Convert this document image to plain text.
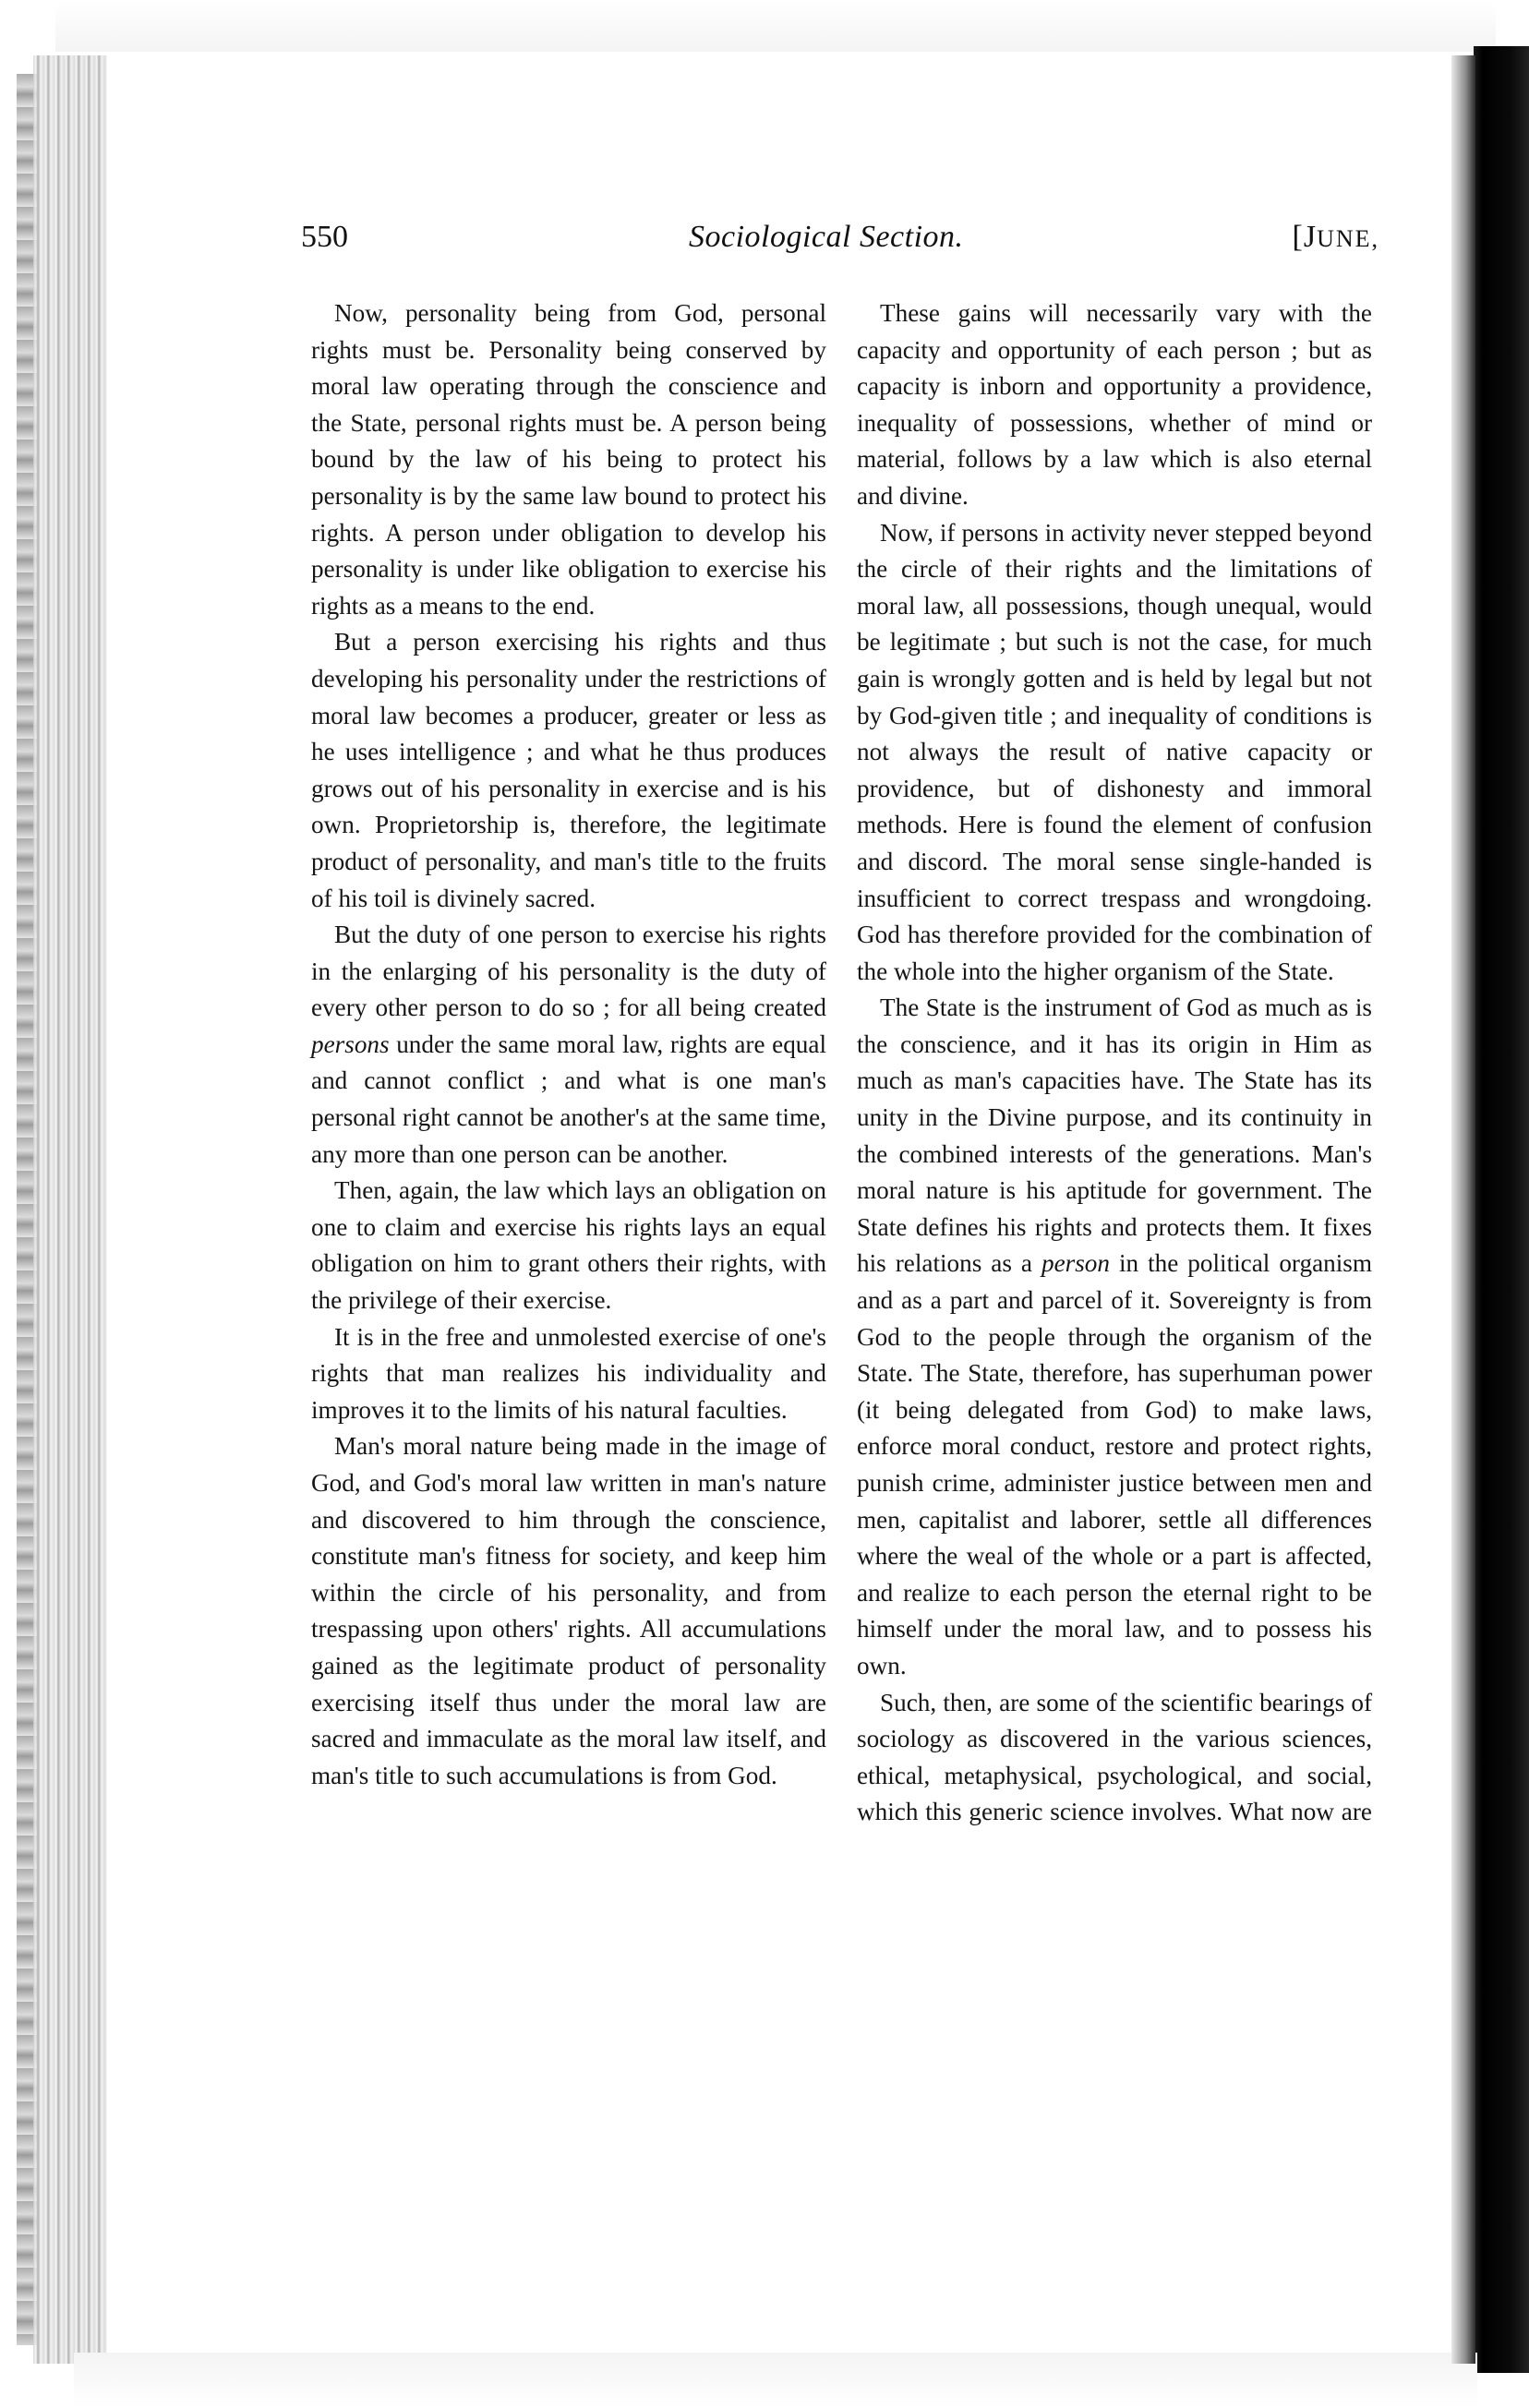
550	Sociological Section.	[JUNE,

Now, personality being from God, personal rights must be. Personality being conserved by moral law operating through the conscience and the State, personal rights must be. A person being bound by the law of his being to protect his personality is by the same law bound to protect his rights. A person under obligation to develop his personality is under like obligation to exercise his rights as a means to the end.

But a person exercising his rights and thus developing his personality under the restrictions of moral law becomes a producer, greater or less as he uses intelligence ; and what he thus produces grows out of his personality in exercise and is his own. Proprietorship is, therefore, the legitimate product of personality, and man's title to the fruits of his toil is divinely sacred.

But the duty of one person to exercise his rights in the enlarging of his personality is the duty of every other person to do so ; for all being created persons under the same moral law, rights are equal and cannot conflict ; and what is one man's personal right cannot be another's at the same time, any more than one person can be another.

Then, again, the law which lays an obligation on one to claim and exercise his rights lays an equal obligation on him to grant others their rights, with the privilege of their exercise.

It is in the free and unmolested exercise of one's rights that man realizes his individuality and improves it to the limits of his natural faculties.

Man's moral nature being made in the image of God, and God's moral law written in man's nature and discovered to him through the conscience, constitute man's fitness for society, and keep him within the circle of his personality, and from trespassing upon others' rights. All accumulations gained as the legitimate product of personality exercising itself thus under the moral law are sacred and immaculate as the moral law itself, and man's title to such accumulations is from God.

These gains will necessarily vary with the capacity and opportunity of each person ; but as capacity is inborn and opportunity a providence, inequality of possessions, whether of mind or material, follows by a law which is also eternal and divine.

Now, if persons in activity never stepped beyond the circle of their rights and the limitations of moral law, all possessions, though unequal, would be legitimate ; but such is not the case, for much gain is wrongly gotten and is held by legal but not by God-given title ; and inequality of conditions is not always the result of native capacity or providence, but of dishonesty and immoral methods. Here is found the element of confusion and discord. The moral sense single-handed is insufficient to correct trespass and wrongdoing. God has therefore provided for the combination of the whole into the higher organism of the State.

The State is the instrument of God as much as is the conscience, and it has its origin in Him as much as man's capacities have. The State has its unity in the Divine purpose, and its continuity in the combined interests of the generations. Man's moral nature is his aptitude for government. The State defines his rights and protects them. It fixes his relations as a person in the political organism and as a part and parcel of it. Sovereignty is from God to the people through the organism of the State. The State, therefore, has superhuman power (it being delegated from God) to make laws, enforce moral conduct, restore and protect rights, punish crime, administer justice between men and men, capitalist and laborer, settle all differences where the weal of the whole or a part is affected, and realize to each person the eternal right to be himself under the moral law, and to possess his own.

Such, then, are some of the scientific bearings of sociology as discovered in the various sciences, ethical, metaphysical, psychological, and social, which this generic science involves. What now are
